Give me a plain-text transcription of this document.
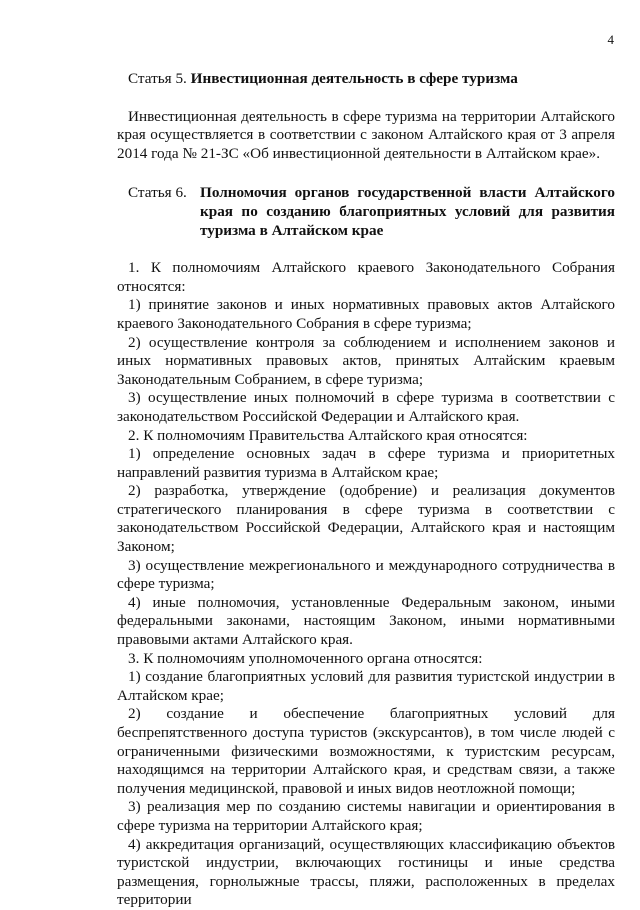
4

Статья 5. Инвестиционная деятельность в сфере туризма

Инвестиционная деятельность в сфере туризма на территории Алтайского края осуществляется в соответствии с законом Алтайского края от 3 апреля 2014 года № 21-ЗС «Об инвестиционной деятельности в Алтайском крае».

Статья 6. Полномочия органов государственной власти Алтайского края по созданию благоприятных условий для развития туризма в Алтайском крае

1. К полномочиям Алтайского краевого Законодательного Собрания относятся:

1) принятие законов и иных нормативных правовых актов Алтайского краевого Законодательного Собрания в сфере туризма;

2) осуществление контроля за соблюдением и исполнением законов и иных нормативных правовых актов, принятых Алтайским краевым Законодательным Собранием, в сфере туризма;

3) осуществление иных полномочий в сфере туризма в соответствии с законодательством Российской Федерации и Алтайского края.

2. К полномочиям Правительства Алтайского края относятся:

1) определение основных задач в сфере туризма и приоритетных направлений развития туризма в Алтайском крае;

2) разработка, утверждение (одобрение) и реализация документов стратегического планирования в сфере туризма в соответствии с законодательством Российской Федерации, Алтайского края и настоящим Законом;

3) осуществление межрегионального и международного сотрудничества в сфере туризма;

4) иные полномочия, установленные Федеральным законом, иными федеральными законами, настоящим Законом, иными нормативными правовыми актами Алтайского края.

3. К полномочиям уполномоченного органа относятся:

1) создание благоприятных условий для развития туристской индустрии в Алтайском крае;

2) создание и обеспечение благоприятных условий для беспрепятственного доступа туристов (экскурсантов), в том числе людей с ограниченными физическими возможностями, к туристским ресурсам, находящимся на территории Алтайского края, и средствам связи, а также получения медицинской, правовой и иных видов неотложной помощи;

3) реализация мер по созданию системы навигации и ориентирования в сфере туризма на территории Алтайского края;

4) аккредитация организаций, осуществляющих классификацию объектов туристской индустрии, включающих гостиницы и иные средства размещения, горнолыжные трассы, пляжи, расположенных в пределах территории
